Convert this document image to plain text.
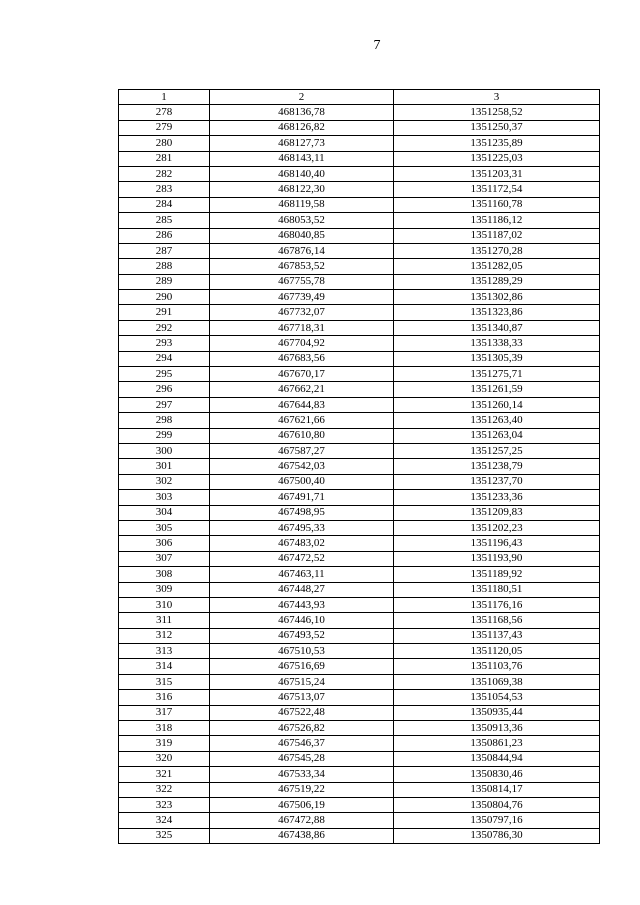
7
1	2	3
278	468136,78	1351258,52
279	468126,82	1351250,37
280	468127,73	1351235,89
281	468143,11	1351225,03
282	468140,40	1351203,31
283	468122,30	1351172,54
284	468119,58	1351160,78
285	468053,52	1351186,12
286	468040,85	1351187,02
287	467876,14	1351270,28
288	467853,52	1351282,05
289	467755,78	1351289,29
290	467739,49	1351302,86
291	467732,07	1351323,86
292	467718,31	1351340,87
293	467704,92	1351338,33
294	467683,56	1351305,39
295	467670,17	1351275,71
296	467662,21	1351261,59
297	467644,83	1351260,14
298	467621,66	1351263,40
299	467610,80	1351263,04
300	467587,27	1351257,25
301	467542,03	1351238,79
302	467500,40	1351237,70
303	467491,71	1351233,36
304	467498,95	1351209,83
305	467495,33	1351202,23
306	467483,02	1351196,43
307	467472,52	1351193,90
308	467463,11	1351189,92
309	467448,27	1351180,51
310	467443,93	1351176,16
311	467446,10	1351168,56
312	467493,52	1351137,43
313	467510,53	1351120,05
314	467516,69	1351103,76
315	467515,24	1351069,38
316	467513,07	1351054,53
317	467522,48	1350935,44
318	467526,82	1350913,36
319	467546,37	1350861,23
320	467545,28	1350844,94
321	467533,34	1350830,46
322	467519,22	1350814,17
323	467506,19	1350804,76
324	467472,88	1350797,16
325	467438,86	1350786,30
